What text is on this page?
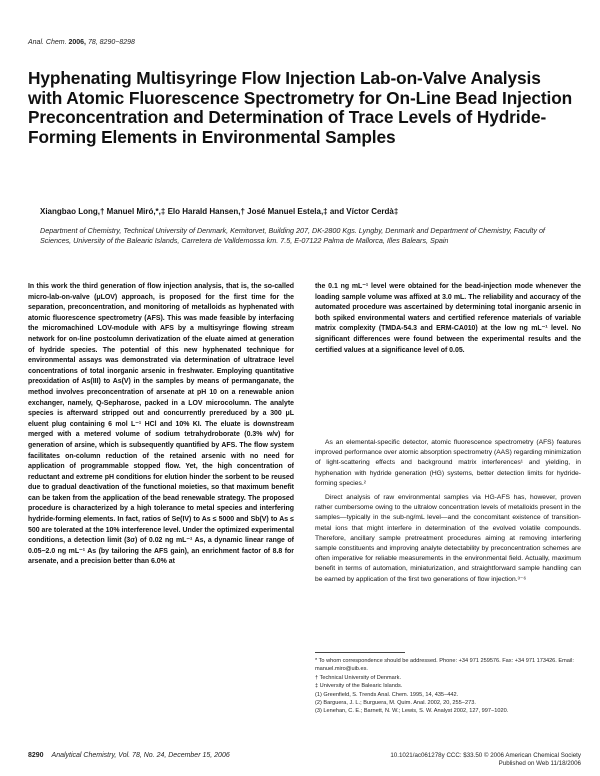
Anal. Chem. 2006, 78, 8290−8298
Hyphenating Multisyringe Flow Injection Lab-on-Valve Analysis with Atomic Fluorescence Spectrometry for On-Line Bead Injection Preconcentration and Determination of Trace Levels of Hydride-Forming Elements in Environmental Samples
Xiangbao Long,† Manuel Miró,*,‡ Elo Harald Hansen,† José Manuel Estela,‡ and Víctor Cerdà‡
Department of Chemistry, Technical University of Denmark, Kemitorvet, Building 207, DK-2800 Kgs. Lyngby, Denmark and Department of Chemistry, Faculty of Sciences, University of the Balearic Islands, Carretera de Valldemossa km. 7.5, E-07122 Palma de Mallorca, Illes Balears, Spain
In this work the third generation of flow injection analysis, that is, the so-called micro-lab-on-valve (μLOV) approach, is proposed for the first time for the separation, preconcentration, and monitoring of metalloids as hyphenated with atomic fluorescence spectrometry (AFS). This was made feasible by interfacing the micromachined LOV-module with AFS by a multisyringe flowing stream network for on-line postcolumn derivatization of the eluate aimed at generation of hydride species. The potential of this new hyphenated technique for environmental assays was demonstrated via determination of ultratrace level concentrations of total inorganic arsenic in freshwater. Employing quantitative preoxidation of As(III) to As(V) in the samples by means of permanganate, the method involves preconcentration of arsenate at pH 10 on a renewable anion exchanger, namely, Q-Sepharose, packed in a LOV microcolumn. The analyte species is afterward stripped out and concurrently prereduced by a 300 μL eluent plug containing 6 mol L⁻¹ HCl and 10% KI. The eluate is downstream merged with a metered volume of sodium tetrahydroborate (0.3% w/v) for generation of arsine, which is subsequently quantified by AFS. The flow system facilitates on-column reduction of the retained arsenic with no need for application of programmable stopped flow. Yet, the high concentration of reductant and extreme pH conditions for elution hinder the sorbent to be reused due to gradual deactivation of the functional moieties, so that maximum benefit can be taken from the application of the bead renewable strategy. The proposed procedure is characterized by a high tolerance to metal species and interfering hydride-forming elements. In fact, ratios of Se(IV) to As ≤ 5000 and Sb(V) to As ≤ 500 are tolerated at the 10% interference level. Under the optimized experimental conditions, a detection limit (3σ) of 0.02 ng mL⁻¹ As, a dynamic linear range of 0.05−2.0 ng mL⁻¹ As (by tailoring the AFS gain), an enrichment factor of 8.8 for arsenate, and a precision better than 6.0% at
the 0.1 ng mL⁻¹ level were obtained for the bead-injection mode whenever the loading sample volume was affixed at 3.0 mL. The reliability and accuracy of the automated procedure was ascertained by determining total inorganic arsenic in both spiked environmental waters and certified reference materials of variable matrix complexity (TMDA-54.3 and ERM-CA010) at the low ng mL⁻¹ level. No significant differences were found between the experimental results and the certified values at a significance level of 0.05.

As an elemental-specific detector, atomic fluorescence spectrometry (AFS) features improved performance over atomic absorption spectrometry (AAS) regarding minimization of light-scattering effects and background matrix interferences¹ and yielding, in hyphenation with hydride generation (HG) systems, better detection limits for hydride-forming species.²

Direct analysis of raw environmental samples via HG-AFS has, however, proven rather cumbersome owing to the ultralow concentration levels of metalloids present in the samples—typically in the sub-ng/mL level—and the concomitant existence of transition-metal ions that might interfere in determination of the evolved volatile compounds. Therefore, ancillary sample pretreatment procedures aiming at removing interfering sample constituents and improving analyte detectability by preconcentration schemes are often imperative for reliable measurements in the environmental field. Actually, maximum benefit in terms of automation, miniaturization, and straightforward sample handling can be earned by application of the first two generations of flow injection.³⁻⁶

* To whom correspondence should be addressed. Phone: +34 971 259576. Fax: +34 971 173426. Email: manuel.miro@uib.es.
† Technical University of Denmark.
‡ University of the Balearic Islands.
(1) Greenfield, S. Trends Anal. Chem. 1995, 14, 435−442.
(2) Barguera, J. L.; Burguera, M. Quim. Anal. 2002, 20, 255−273.
(3) Lenehan, C. E.; Barnett, N. W.; Lewis, S. W. Analyst 2002, 127, 997−1020.
8290 Analytical Chemistry, Vol. 78, No. 24, December 15, 2006	10.1021/ac061278y CCC: $33.50 © 2006 American Chemical Society
Published on Web 11/18/2006
